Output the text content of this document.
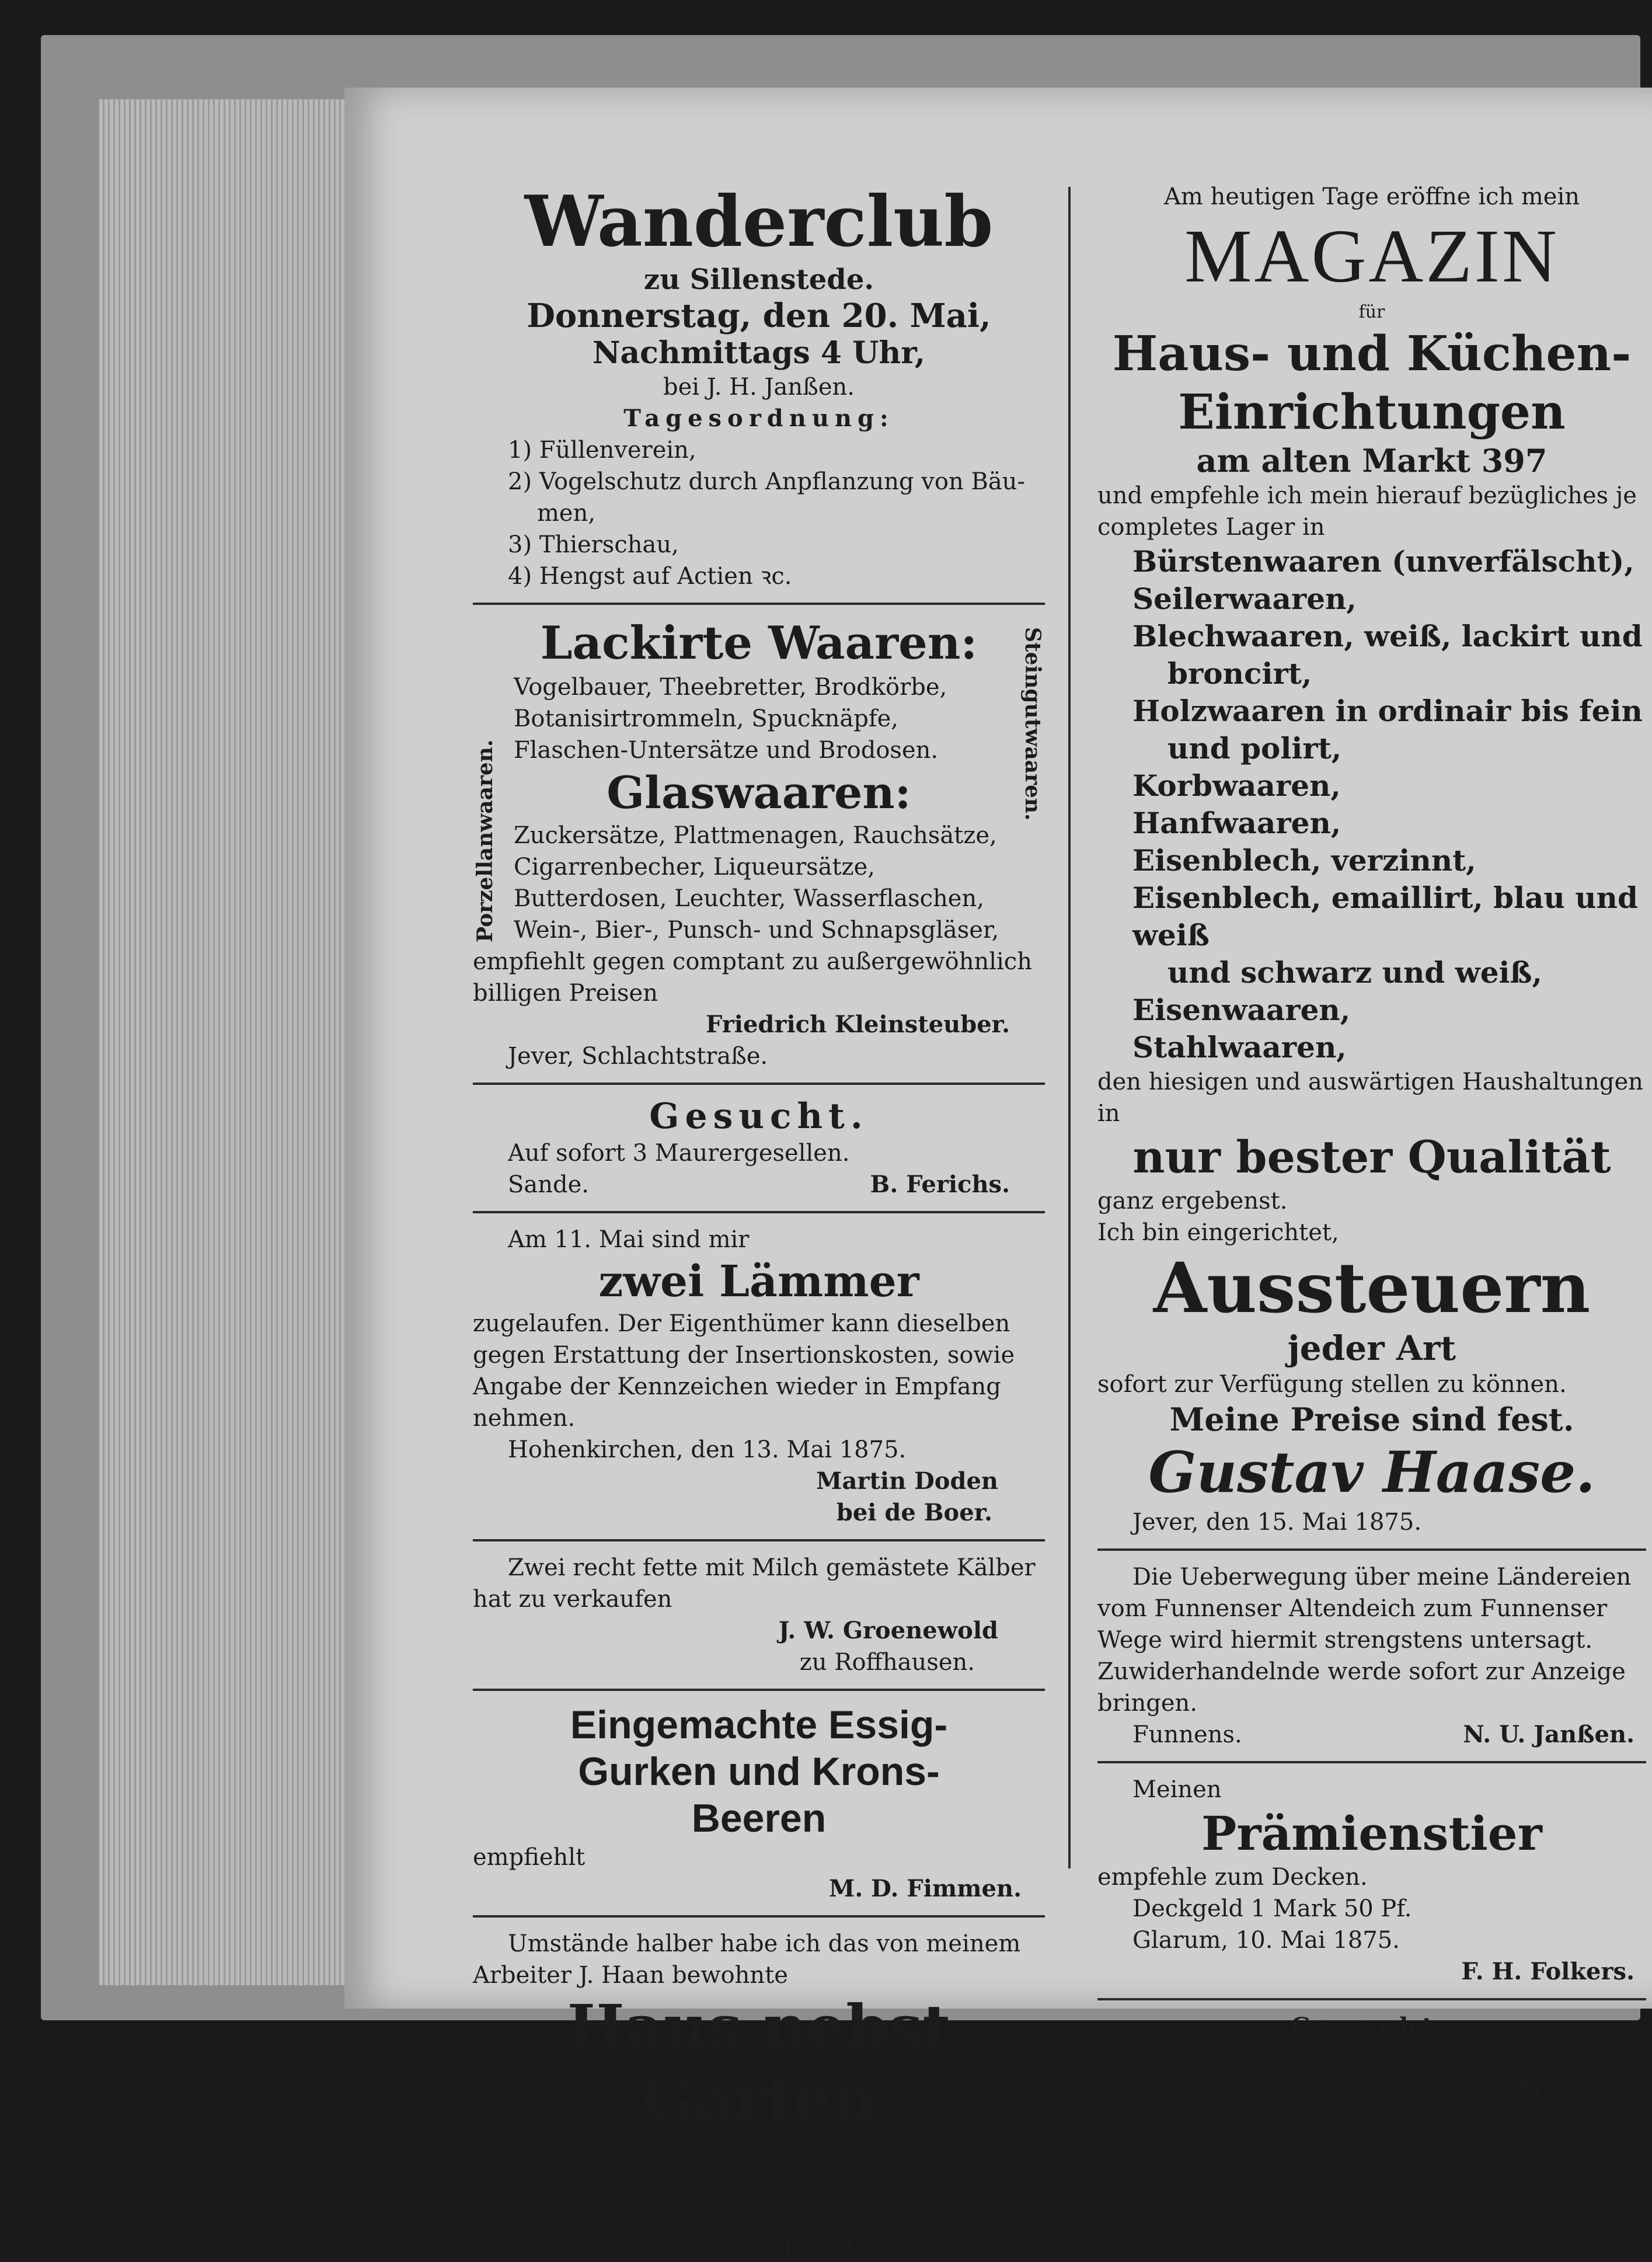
Wanderclub
zu Sillenstede.
Donnerstag, den 20. Mai,
Nachmittags 4 Uhr,
bei J. H. Janßen.
Tagesordnung:
1) Füllenverein,
2) Vogelschutz durch Anpflanzung von Bäu-
men,
3) Thierschau,
4) Hengst auf Actien ꝛc.
Porzellanwaaren.
Steingutwaaren.
Lackirte Waaren:

Vogelbauer, Theebretter, Brodkörbe, Botanisirtrommeln, Spucknäpfe, Flaschen-Untersätze und Brodosen.

Glaswaaren:

Zuckersätze, Plattmenagen, Rauchsätze, Cigarrenbecher, Liqueursätze, Butterdosen, Leuchter, Wasserflaschen, Wein-, Bier-, Punsch- und Schnapsgläser,

empfiehlt gegen comptant zu außergewöhnlich billigen Preisen

Friedrich Kleinsteuber.
Jever, Schlachtstraße.
Gesucht.
Auf sofort 3 Maurergesellen.
Sande.	B. Ferichs.
Am 11. Mai sind mir
zwei Lämmer

zugelaufen. Der Eigenthümer kann dieselben gegen Erstattung der Insertionskosten, sowie Angabe der Kennzeichen wieder in Empfang nehmen.

Hohenkirchen, den 13. Mai 1875.
Martin Doden
bei de Boer.

Zwei recht fette mit Milch gemästete Kälber hat zu verkaufen

J. W. Groenewold
zu Roffhausen.
Eingemachte Essig-
Gurken und Krons-
Beeren
empfiehlt
M. D. Fimmen.

Umstände halber habe ich das von meinem Arbeiter J. Haan bewohnte

Haus nebst Garten

von jetzt an bis Mai 1876 zu verpachten. Pachtliebhaber wollen sich an mich wenden.

Roffhausen, den 12. Mai 1875.
J. W. Groenewold.
Am heutigen Tage eröffne ich mein
MAGAZIN
für
Haus- und Küchen-
Einrichtungen
am alten Markt 397

und empfehle ich mein hierauf bezügliches je completes Lager in

Bürstenwaaren (unverfälscht),
Seilerwaaren,
Blechwaaren, weiß, lackirt und
broncirt,
Holzwaaren in ordinair bis fein
und polirt,
Korbwaaren,
Hanfwaaren,
Eisenblech, verzinnt,
Eisenblech, emaillirt, blau und weiß
und schwarz und weiß,
Eisenwaaren,
Stahlwaaren,
den hiesigen und auswärtigen Haushaltungen in
nur bester Qualität
ganz ergebenst.
Ich bin eingerichtet,
Aussteuern
jeder Art
sofort zur Verfügung stellen zu können.
Meine Preise sind fest.
Gustav Haase.
Jever, den 15. Mai 1875.

Die Ueberwegung über meine Ländereien vom Funnenser Altendeich zum Funnenser Wege wird hiermit strengstens untersagt. Zuwiderhandelnde werde sofort zur Anzeige bringen.

Funnens.	N. U. Janßen.
Meinen
Prämienstier
empfehle zum Decken.
Deckgeld 1 Mark 50 Pf.
Glarum, 10. Mai 1875.
F. H. Folkers.
Gesucht.
Auf gleich ein Dienstmädchen.
Hooksiel.	J. G. Freese.
